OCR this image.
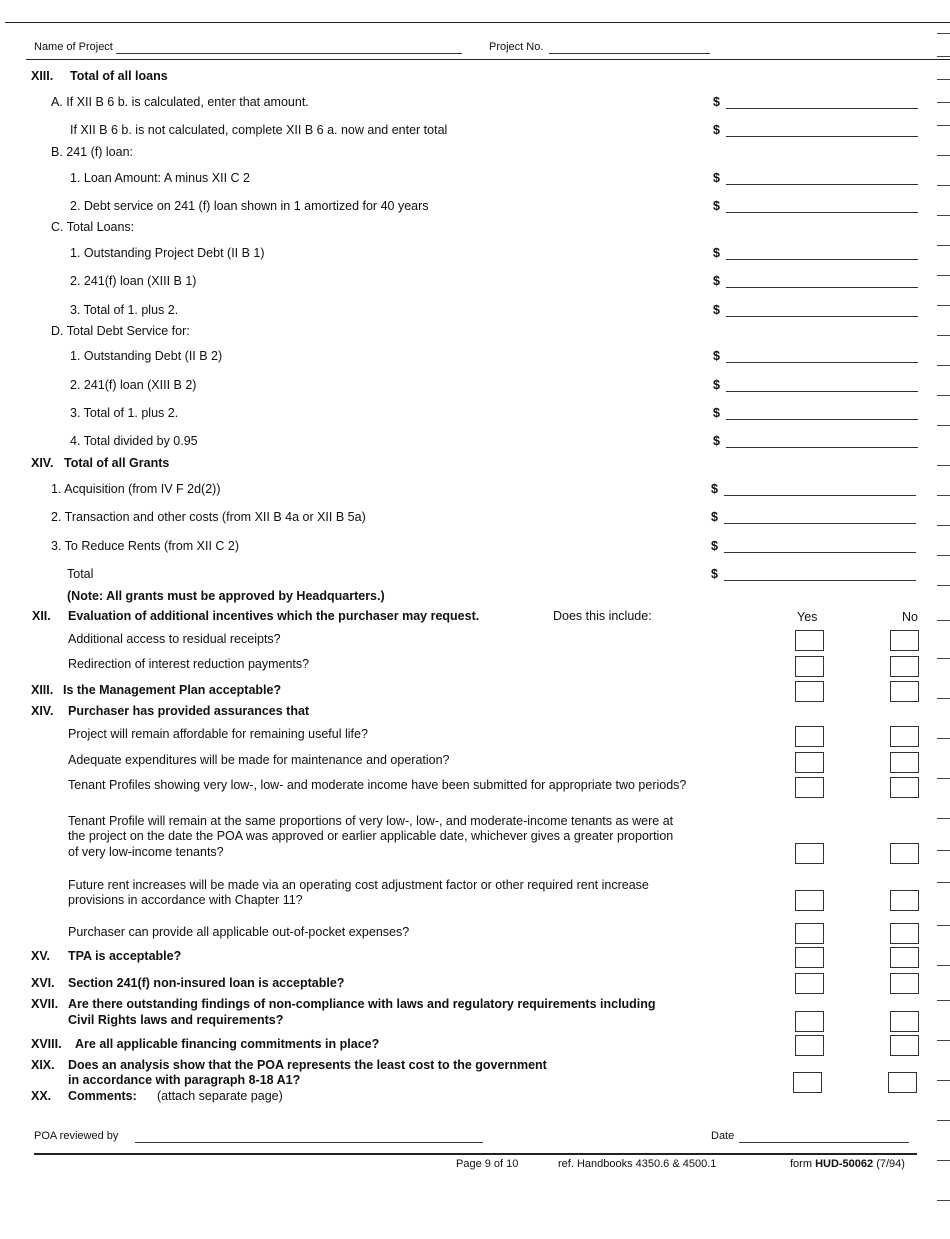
Name of Project	Project No.
XIII. Total of all loans
A. If XII B 6 b. is calculated, enter that amount.	$
If XII B 6 b. is not calculated, complete XII B 6 a. now and enter total	$
B. 241 (f) loan:
1. Loan Amount: A minus XII C 2	$
2. Debt service on 241 (f) loan shown in 1 amortized for 40 years	$
C. Total Loans:
1. Outstanding Project Debt (II B 1)	$
2. 241(f) loan (XIII B 1)	$
3. Total of 1. plus 2.	$
D. Total Debt Service for:
1. Outstanding Debt (II B 2)	$
2. 241(f) loan (XIII B 2)	$
3. Total of 1. plus 2.	$
4. Total divided by 0.95	$
XIV. Total of all Grants
1. Acquisition (from IV F 2d(2))	$
2. Transaction and other costs (from XII B 4a or XII B 5a)	$
3. To Reduce Rents (from XII C 2)	$
Total	$
(Note: All grants must be approved by Headquarters.)
XII. Evaluation of additional incentives which the purchaser may request.	Does this include:	Yes	No
Additional access to residual receipts?
Redirection of interest reduction payments?
XIII. Is the Management Plan acceptable?
XIV. Purchaser has provided assurances that
Project will remain affordable for remaining useful life?
Adequate expenditures will be made for maintenance and operation?
Tenant Profiles showing very low-, low- and moderate income have been submitted for appropriate two periods?
Tenant Profile will remain at the same proportions of very low-, low-, and moderate-income tenants as were at
the project on the date the POA was approved or earlier applicable date, whichever gives a greater proportion
of very low-income tenants?
Future rent increases will be made via an operating cost adjustment factor or other required rent increase
provisions in accordance with Chapter 11?
Purchaser can provide all applicable out-of-pocket expenses?
XV. TPA is acceptable?
XVI. Section 241(f) non-insured loan is acceptable?
XVII. Are there outstanding findings of non-compliance with laws and regulatory requirements including
Civil Rights laws and requirements?
XVIII. Are all applicable financing commitments in place?
XIX. Does an analysis show that the POA represents the least cost to the government
in accordance with paragraph 8-18 A1?
XX. Comments: (attach separate page)
POA reviewed by	Date
Page 9 of 10	ref. Handbooks 4350.6 & 4500.1	form HUD-50062 (7/94)
